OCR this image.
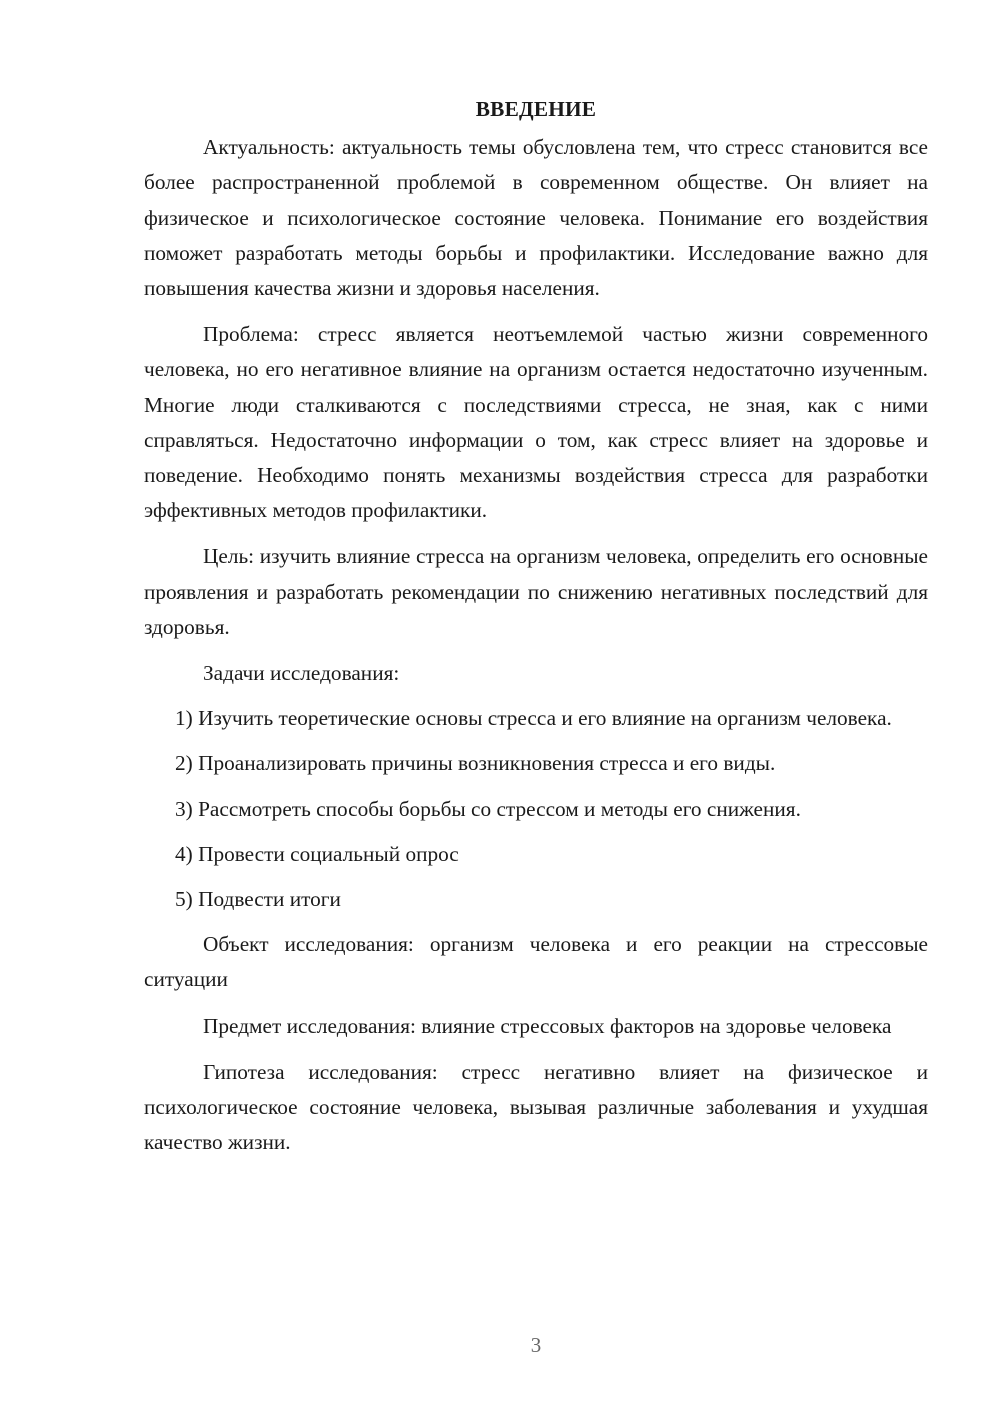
ВВЕДЕНИЕ

Актуальность: актуальность темы обусловлена тем, что стресс становится все более распространенной проблемой в современном обществе. Он влияет на физическое и психологическое состояние человека. Понимание его воздействия поможет разработать методы борьбы и профилактики. Исследование важно для повышения качества жизни и здоровья населения.

Проблема: стресс является неотъемлемой частью жизни современного человека, но его негативное влияние на организм остается недостаточно изученным. Многие люди сталкиваются с последствиями стресса, не зная, как с ними справляться. Недостаточно информации о том, как стресс влияет на здоровье и поведение. Необходимо понять механизмы воздействия стресса для разработки эффективных методов профилактики.

Цель: изучить влияние стресса на организм человека, определить его основные проявления и разработать рекомендации по снижению негативных последствий для здоровья.

Задачи исследования:

1) Изучить теоретические основы стресса и его влияние на организм человека.

2) Проанализировать причины возникновения стресса и его виды.

3) Рассмотреть способы борьбы со стрессом и методы его снижения.

4) Провести социальный опрос

5) Подвести итоги

Объект исследования: организм человека и его реакции на стрессовые ситуации

Предмет исследования: влияние стрессовых факторов на здоровье человека

Гипотеза исследования: стресс негативно влияет на физическое и психологическое состояние человека, вызывая различные заболевания и ухудшая качество жизни.

3
